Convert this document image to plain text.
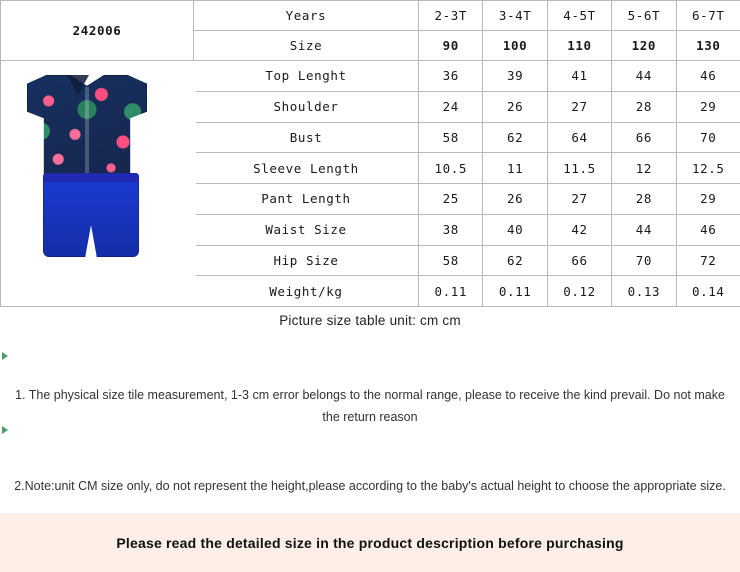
242006	Years	2-3T	3-4T	4-5T	5-6T	6-7T
	Size	90	100	110	120	130

	Top Lenght	36	39	41	44	46
	Shoulder	24	26	27	28	29
	Bust	58	62	64	66	70
	Sleeve Length	10.5	11	11.5	12	12.5
	Pant Length	25	26	27	28	29
	Waist Size	38	40	42	44	46
	Hip Size	58	62	66	70	72
	Weight/kg	0.11	0.11	0.12	0.13	0.14
Picture size table unit: cm cm
1. The physical size tile measurement, 1-3 cm error belongs to the normal range, please to receive the kind prevail. Do not make the return reason
2.Note:unit CM size only, do not represent the height,please according to the baby's actual height to choose the appropriate size.
Please read the detailed size in the product description before purchasing
